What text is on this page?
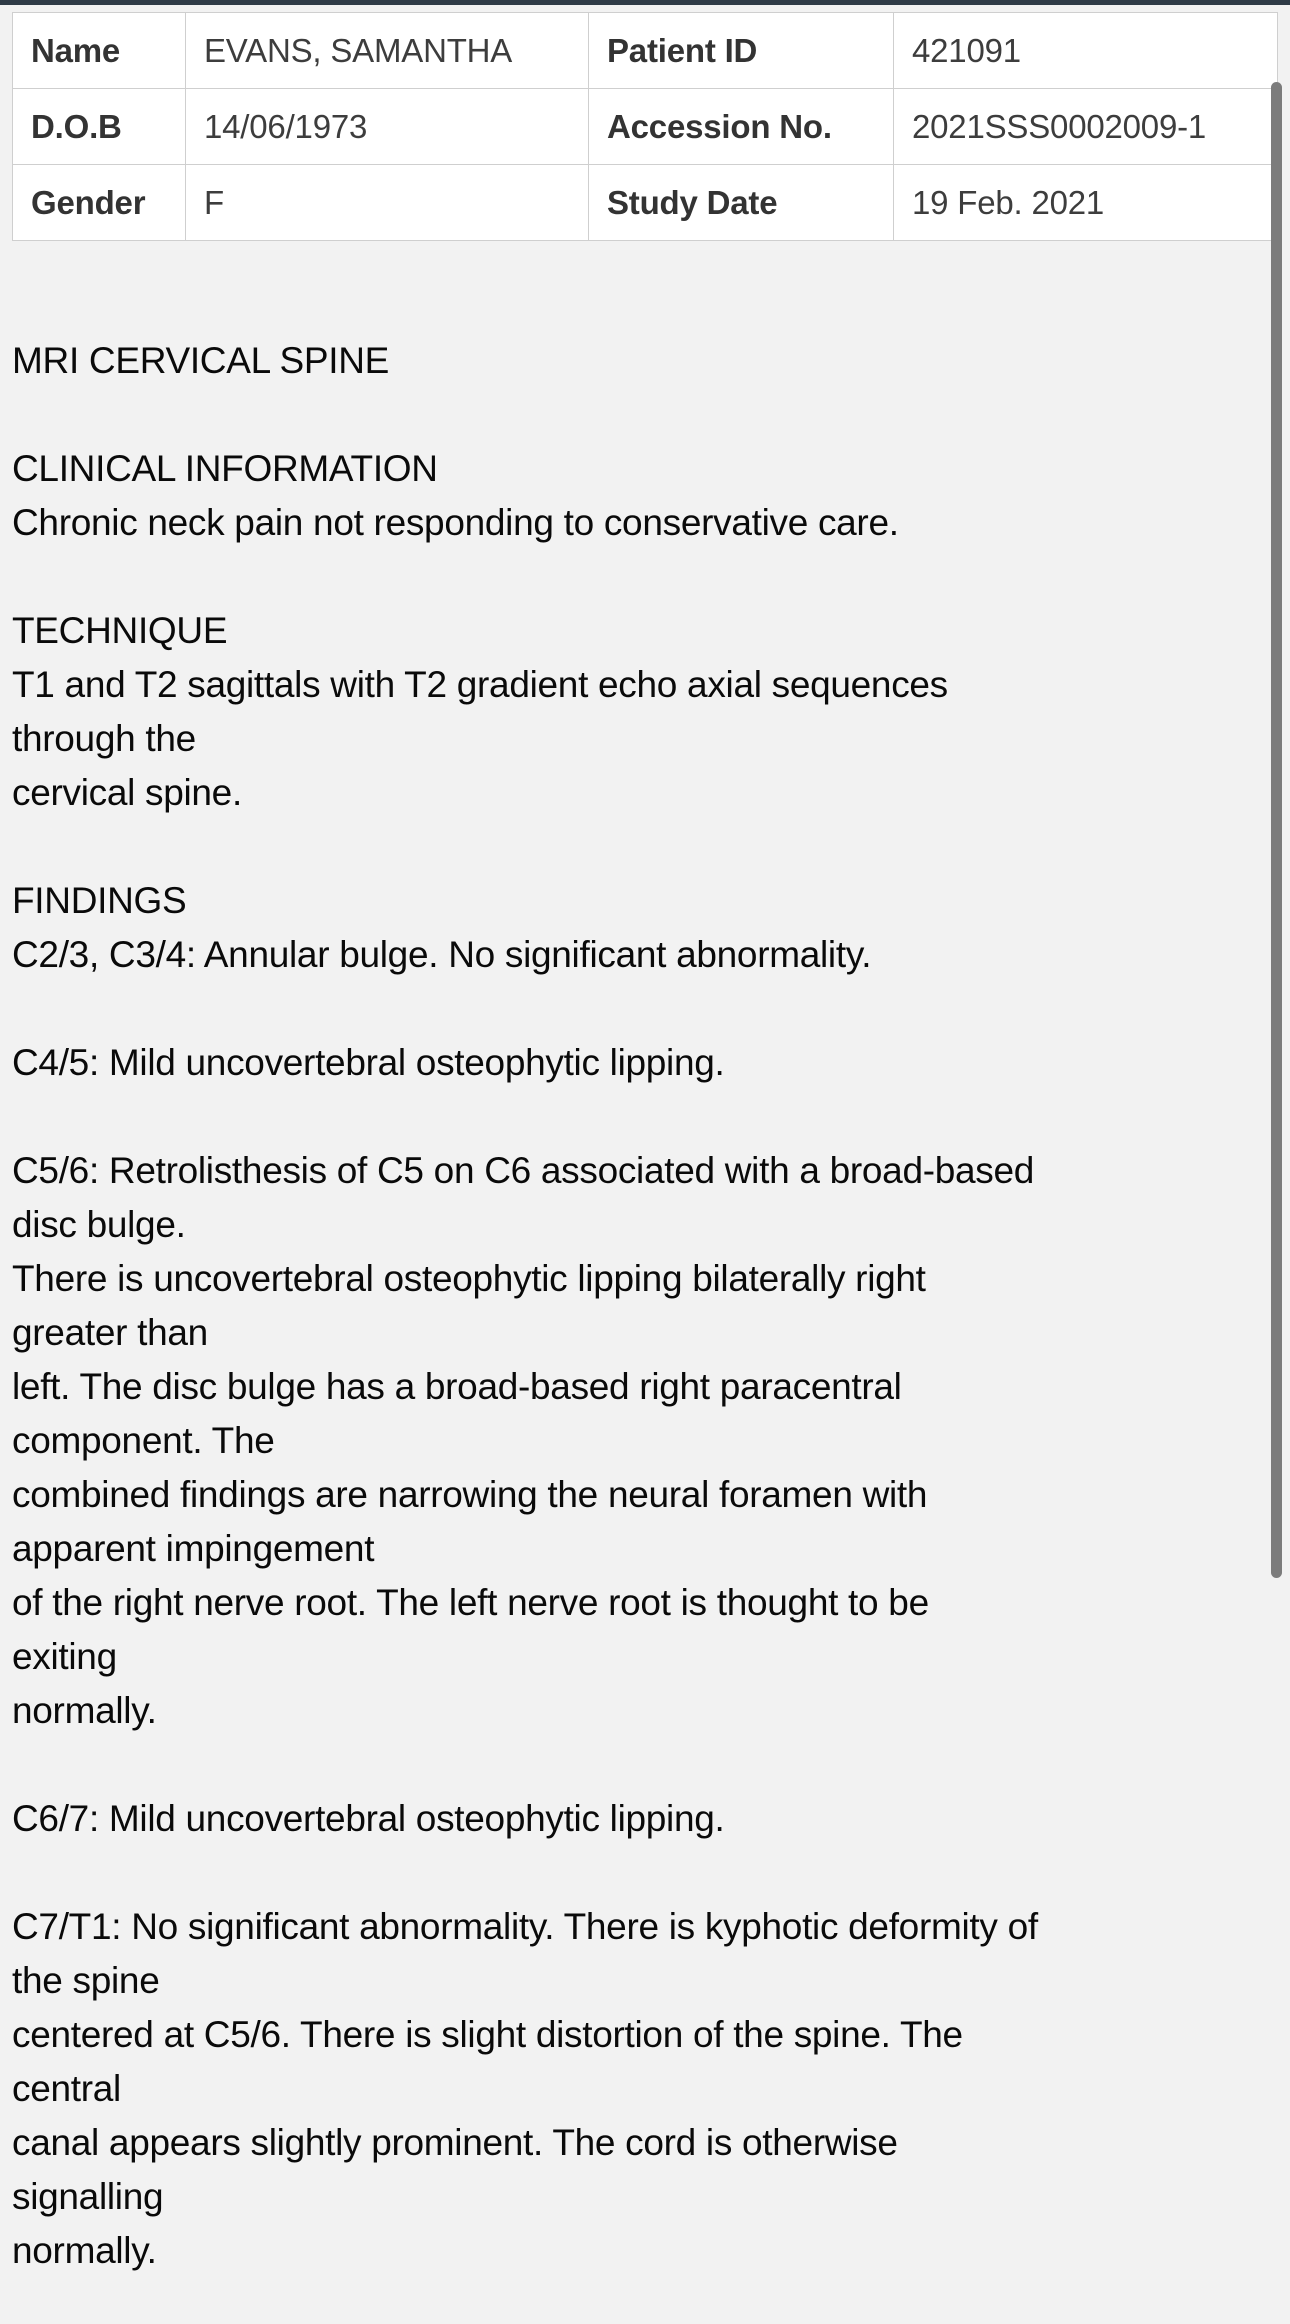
Name	EVANS, SAMANTHA	Patient ID	421091
D.O.B	14/06/1973	Accession No.	2021SSS0002009-1
Gender	F	Study Date	19 Feb. 2021
MRI CERVICAL SPINE
CLINICAL INFORMATION
Chronic neck pain not responding to conservative care.
TECHNIQUE
T1 and T2 sagittals with T2 gradient echo axial sequences
through the
cervical spine.
FINDINGS
C2/3, C3/4: Annular bulge. No significant abnormality.
C4/5: Mild uncovertebral osteophytic lipping.
C5/6: Retrolisthesis of C5 on C6 associated with a broad-based
disc bulge.
There is uncovertebral osteophytic lipping bilaterally right
greater than
left. The disc bulge has a broad-based right paracentral
component. The
combined findings are narrowing the neural foramen with
apparent impingement
of the right nerve root. The left nerve root is thought to be
exiting
normally.
C6/7: Mild uncovertebral osteophytic lipping.
C7/T1: No significant abnormality. There is kyphotic deformity of
the spine
centered at C5/6. There is slight distortion of the spine. The
central
canal appears slightly prominent. The cord is otherwise
signalling
normally.
